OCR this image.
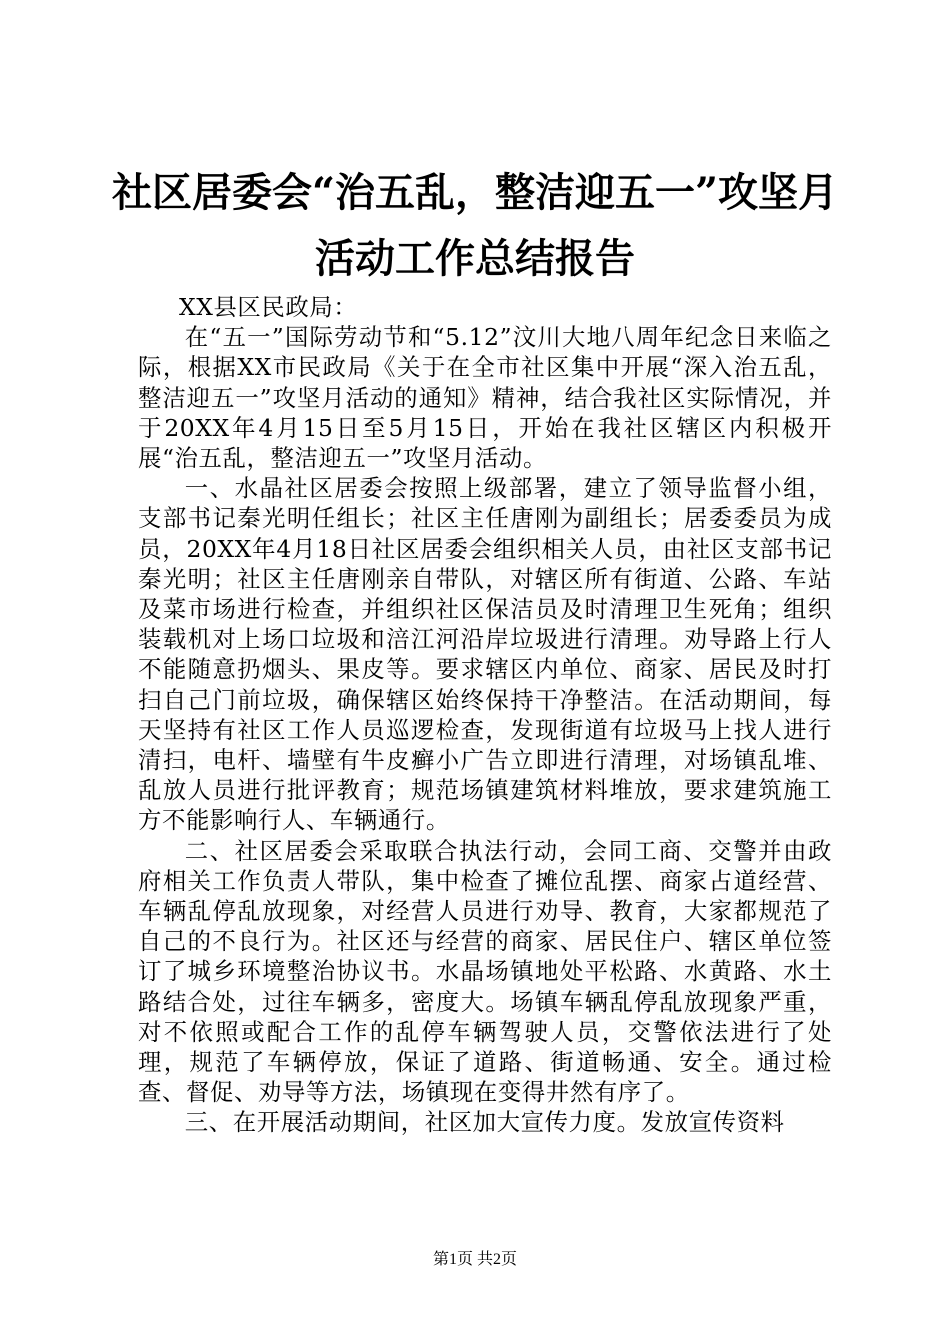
社区居委会“治五乱，整洁迎五一”攻坚月活动工作总结报告

XX县区民政局：

在“五一”国际劳动节和“5.12”汶川大地八周年纪念日来临之际，根据XX市民政局《关于在全市社区集中开展“深入治五乱，整洁迎五一”攻坚月活动的通知》精神，结合我社区实际情况，并于20XX年4月15日至5月15日，开始在我社区辖区内积极开展“治五乱，整洁迎五一”攻坚月活动。

一、水晶社区居委会按照上级部署，建立了领导监督小组，支部书记秦光明任组长；社区主任唐刚为副组长；居委委员为成员，20XX年4月18日社区居委会组织相关人员，由社区支部书记秦光明；社区主任唐刚亲自带队，对辖区所有街道、公路、车站及菜市场进行检查，并组织社区保洁员及时清理卫生死角；组织装载机对上场口垃圾和涪江河沿岸垃圾进行清理。劝导路上行人不能随意扔烟头、果皮等。要求辖区内单位、商家、居民及时打扫自己门前垃圾，确保辖区始终保持干净整洁。在活动期间，每天坚持有社区工作人员巡逻检查，发现街道有垃圾马上找人进行清扫，电杆、墙壁有牛皮癣小广告立即进行清理，对场镇乱堆、乱放人员进行批评教育；规范场镇建筑材料堆放，要求建筑施工方不能影响行人、车辆通行。

二、社区居委会采取联合执法行动，会同工商、交警并由政府相关工作负责人带队，集中检查了摊位乱摆、商家占道经营、车辆乱停乱放现象，对经营人员进行劝导、教育，大家都规范了自己的不良行为。社区还与经营的商家、居民住户、辖区单位签订了城乡环境整治协议书。水晶场镇地处平松路、水黄路、水土路结合处，过往车辆多，密度大。场镇车辆乱停乱放现象严重，对不依照或配合工作的乱停车辆驾驶人员，交警依法进行了处理，规范了车辆停放，保证了道路、街道畅通、安全。通过检查、督促、劝导等方法，场镇现在变得井然有序了。

三、在开展活动期间，社区加大宣传力度。发放宣传资料

第1页 共2页
